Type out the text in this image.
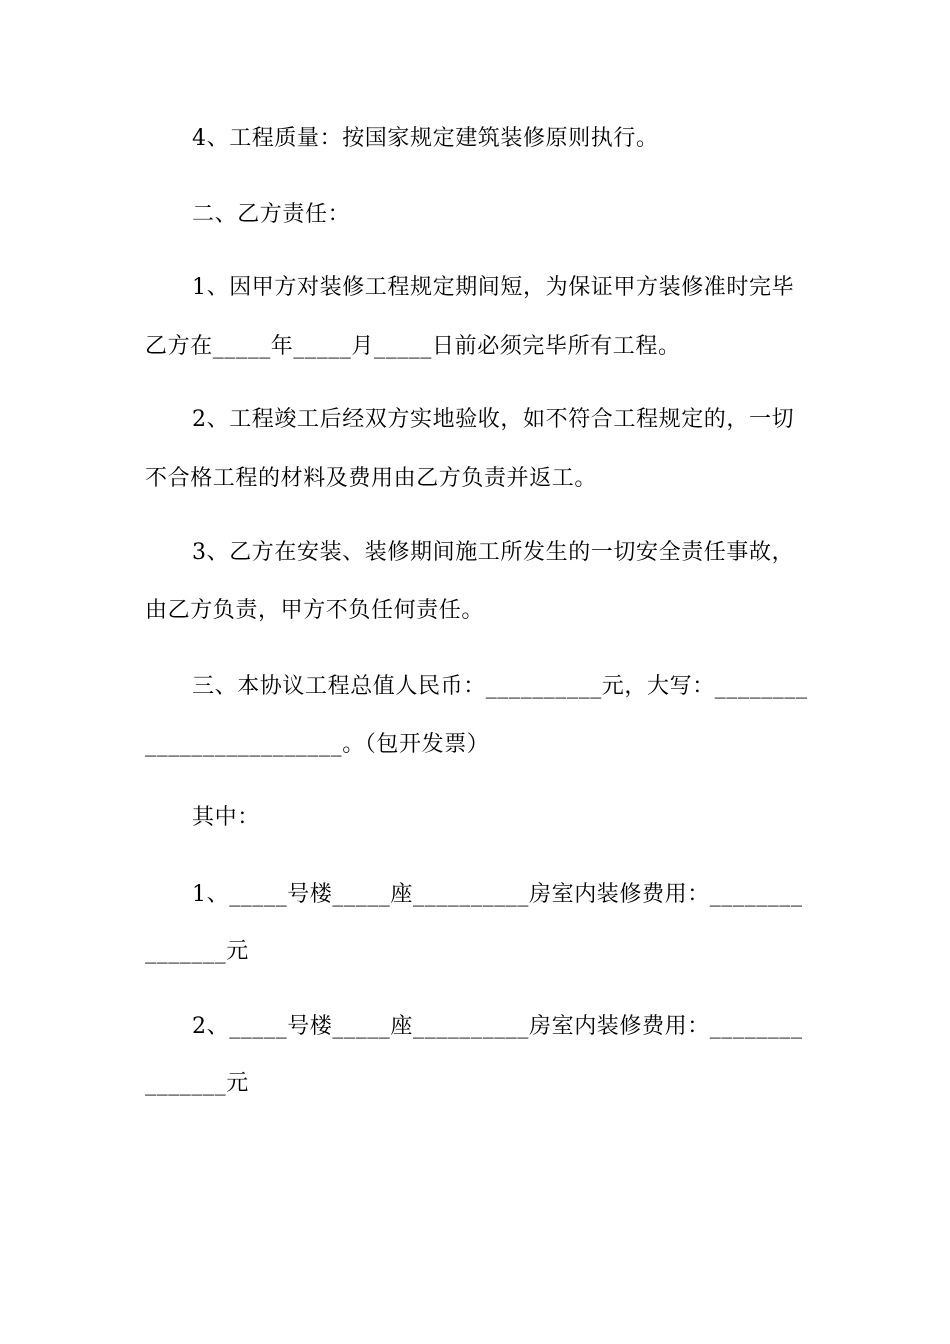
4、工程质量：按国家规定建筑装修原则执行。
二、乙方责任：
1、因甲方对装修工程规定期间短，为保证甲方装修准时完毕
乙方在_____年_____月_____日前必须完毕所有工程。
2、工程竣工后经双方实地验收，如不符合工程规定的，一切
不合格工程的材料及费用由乙方负责并返工。
3、乙方在安装、装修期间施工所发生的一切安全责任事故，
由乙方负责，甲方不负任何责任。
三、本协议工程总值人民币：__________元，大写：________
_________________。（包开发票）
其中：
1、_____号楼_____座__________房室内装修费用：________
_______元
2、_____号楼_____座__________房室内装修费用：________
_______元
